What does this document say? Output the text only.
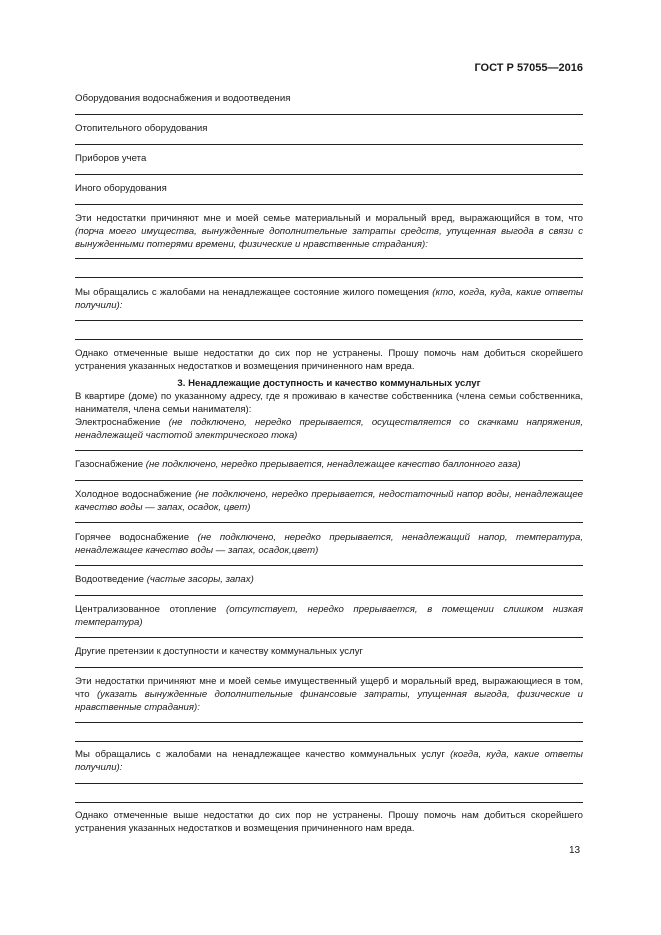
ГОСТ Р 57055—2016
Оборудования водоснабжения и водоотведения
Отопительного оборудования
Приборов учета
Иного оборудования
Эти недостатки причиняют мне и моей семье материальный и моральный вред, выражающийся в том, что (порча моего имущества, вынужденные дополнительные затраты средств, упущенная выгода в связи с вынужденными потерями времени, физические и нравственные страдания):
Мы обращались с жалобами на ненадлежащее состояние жилого помещения (кто, когда, куда, какие ответы получили):
Однако отмеченные выше недостатки до сих пор не устранены. Прошу помочь нам добиться скорейшего устранения указанных недостатков и возмещения причиненного нам вреда.
3. Ненадлежащие доступность и качество коммунальных услуг
В квартире (доме) по указанному адресу, где я проживаю в качестве собственника (члена семьи собственника, нанимателя, члена семьи нанимателя):
Электроснабжение (не подключено, нередко прерывается, осуществляется со скачками напряжения, ненадлежащей частотой электрического тока)
Газоснабжение (не подключено, нередко прерывается, ненадлежащее качество баллонного газа)
Холодное водоснабжение (не подключено, нередко прерывается, недостаточный напор воды, ненадлежащее качество воды — запах, осадок, цвет)
Горячее водоснабжение (не подключено, нередко прерывается, ненадлежащий напор, температура, ненадлежащее качество воды — запах, осадок,цвет)
Водоотведение (частые засоры, запах)
Централизованное отопление (отсутствует, нередко прерывается, в помещении слишком низкая температура)
Другие претензии к доступности и качеству коммунальных услуг
Эти недостатки причиняют мне и моей семье имущественный ущерб и моральный вред, выражающиеся в том, что (указать вынужденные дополнительные финансовые затраты, упущенная выгода, физические и нравственные страдания):
Мы обращались с жалобами на ненадлежащее качество коммунальных услуг (когда, куда, какие ответы получили):
Однако отмеченные выше недостатки до сих пор не устранены. Прошу помочь нам добиться скорейшего устранения указанных недостатков и возмещения причиненного нам вреда.
13
